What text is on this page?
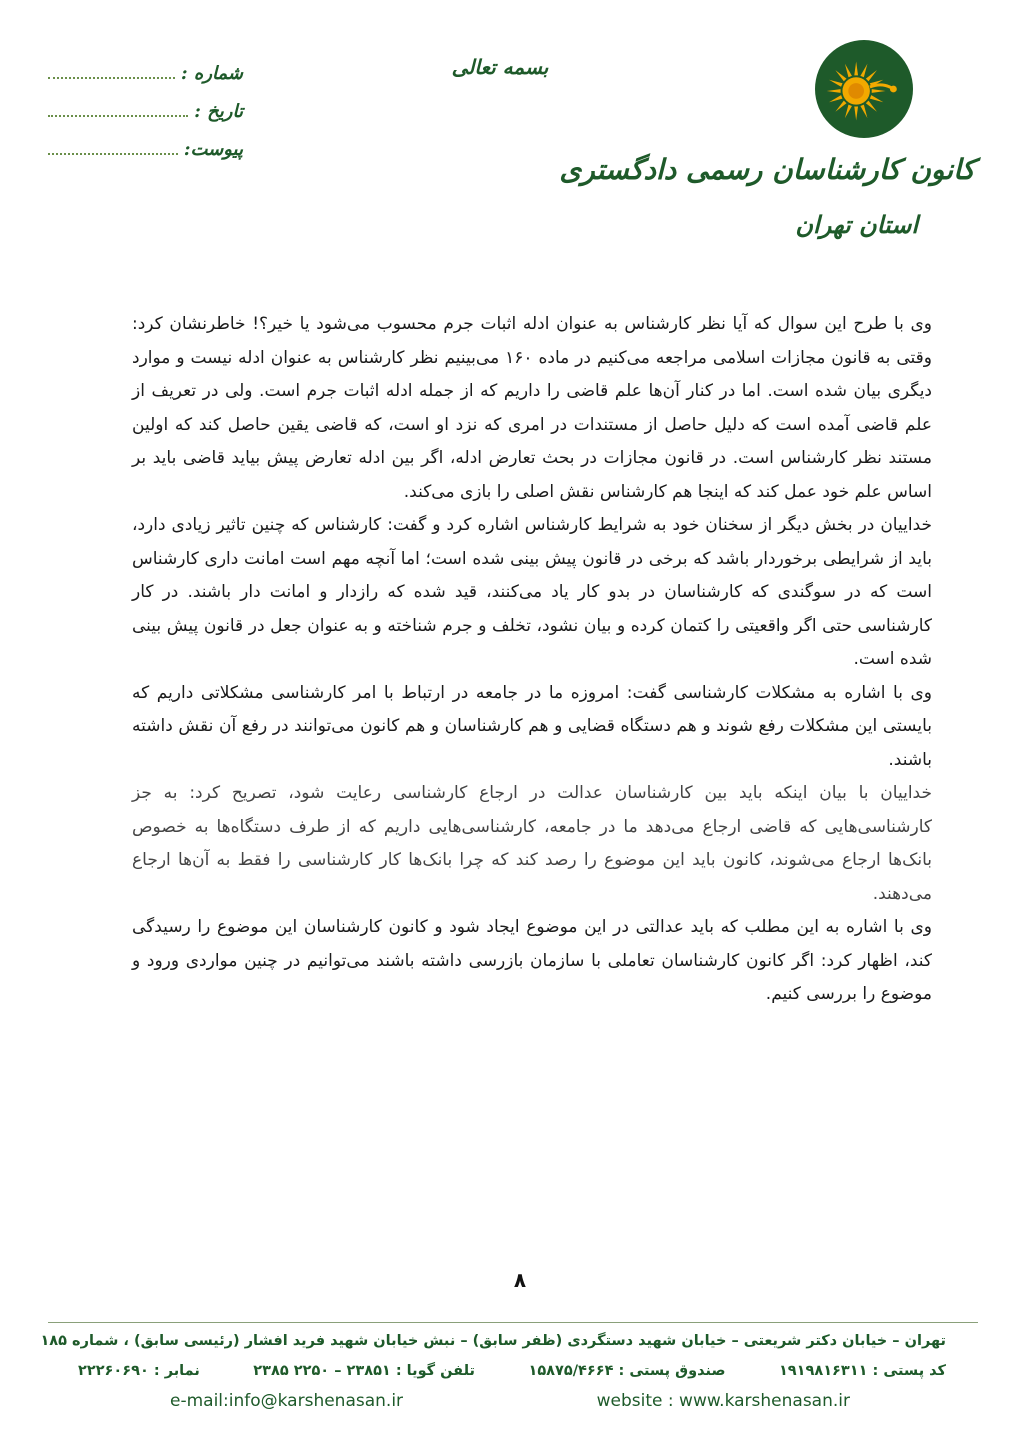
کانون کارشناسان رسمی دادگستری
استان تهران
بسمه تعالی
شماره :
تاریخ :
پیوست:

وی با طرح این سوال که آیا نظر کارشناس به عنوان ادله اثبات جرم محسوب می‌شود یا خیر؟! خاطرنشان کرد: وقتی به قانون مجازات اسلامی مراجعه می‌کنیم در ماده ۱۶۰ می‌بینیم نظر کارشناس به عنوان ادله نیست و موارد دیگری بیان شده است. اما در کنار آن‌ها علم قاضی را داریم که از جمله ادله اثبات جرم است. ولی در تعریف از علم قاضی آمده است که دلیل حاصل از مستندات در امری که نزد او است، که قاضی یقین حاصل کند که اولین مستند نظر کارشناس است. در قانون مجازات در بحث تعارض ادله، اگر بین ادله تعارض پیش بیاید قاضی باید بر اساس علم خود عمل کند که اینجا هم کارشناس نقش اصلی را بازی می‌کند.

خداییان در بخش دیگر از سخنان خود به شرایط کارشناس اشاره کرد و گفت: کارشناس که چنین تاثیر زیادی دارد، باید از شرایطی برخوردار باشد که برخی در قانون پیش بینی شده است؛ اما آنچه مهم است امانت داری کارشناس است که در سوگندی که کارشناسان در بدو کار یاد می‌کنند، قید شده که رازدار و امانت دار باشند. در کار کارشناسی حتی اگر واقعیتی را کتمان کرده و بیان نشود، تخلف و جرم شناخته و به عنوان جعل در قانون پیش بینی شده است.

وی با اشاره به مشکلات کارشناسی گفت: امروزه ما در جامعه در ارتباط با امر کارشناسی مشکلاتی داریم که بایستی این مشکلات رفع شوند و هم دستگاه قضایی و هم کارشناسان و هم کانون می‌توانند در رفع آن نقش داشته باشند.

خداییان با بیان اینکه باید بین کارشناسان عدالت در ارجاع کارشناسی رعایت شود، تصریح کرد: به جز کارشناسی‌هایی که قاضی ارجاع می‌دهد ما در جامعه، کارشناسی‌هایی داریم که از طرف دستگاه‌ها به خصوص بانک‌ها ارجاع می‌شوند، کانون باید این موضوع را رصد کند که چرا بانک‌ها کار کارشناسی را فقط به آن‌ها ارجاع می‌دهند.

وی با اشاره به این مطلب که باید عدالتی در این موضوع ایجاد شود و کانون کارشناسان این موضوع را رسیدگی کند، اظهار کرد: اگر کانون کارشناسان تعاملی با سازمان بازرسی داشته باشند می‌توانیم در چنین مواردی ورود و موضوع را بررسی کنیم.

۸
تهران – خیابان دکتر شریعتی – خیابان شهید دستگردی (ظفر سابق) – نبش خیابان شهید فرید افشار (رئیسی سابق) ، شماره ۱۸۵
کد پستی : ۱۹۱۹۸۱۶۳۱۱
صندوق پستی : ۱۵۸۷۵/۴۶۶۴
تلفن گویا : ۲۳۸۵۱ – ۲۲۵۰ ۲۳۸۵
نمابر : ۲۲۲۶۰۶۹۰
e-mail:info@karshenasan.ir	website : www.karshenasan.ir
